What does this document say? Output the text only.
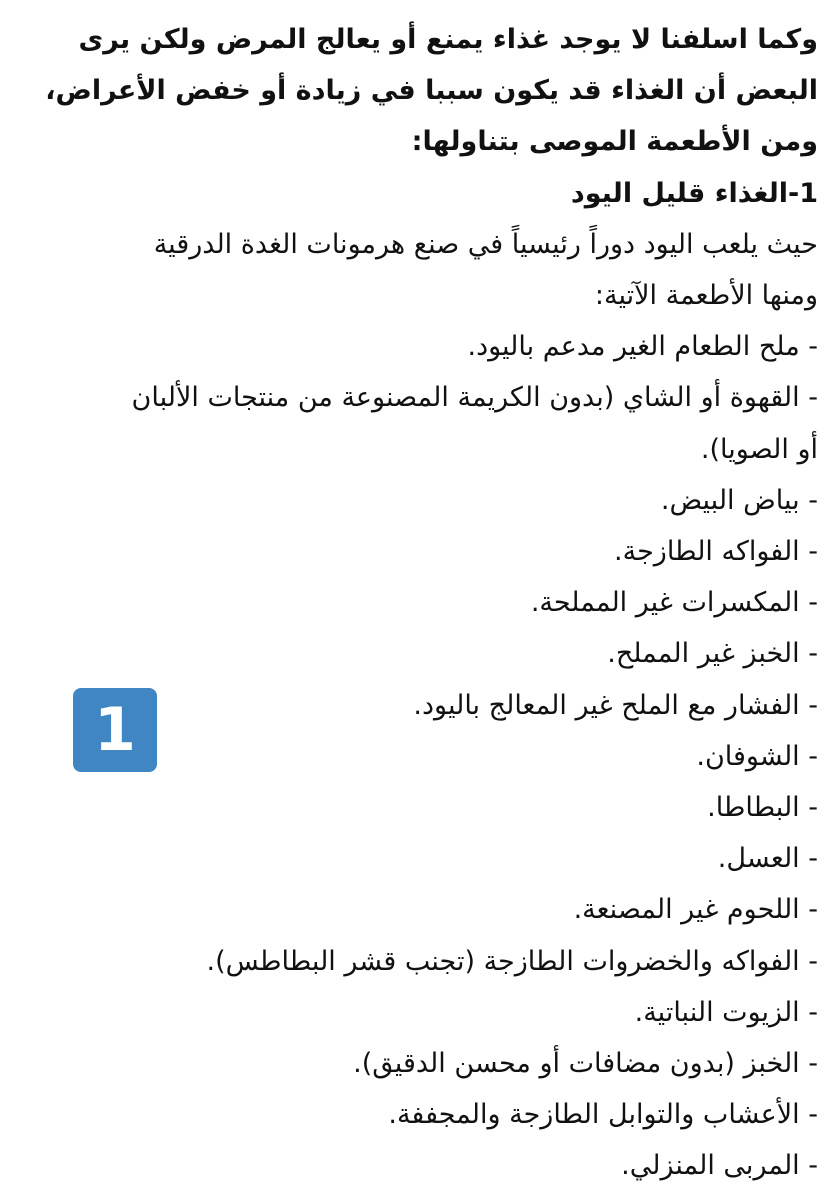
وكما اسلفنا لا يوجد غذاء يمنع أو يعالج المرض ولكن يرى
البعض أن الغذاء قد يكون سببا في زيادة أو خفض الأعراض،
ومن الأطعمة الموصى بتناولها:
1-الغذاء قليل اليود
حيث يلعب اليود دوراً رئيسياً في صنع هرمونات الغدة الدرقية
ومنها الأطعمة الآتية:
- ملح الطعام الغير مدعم باليود.
- القهوة أو الشاي (بدون الكريمة المصنوعة من منتجات الألبان
أو الصويا).
- بياض البيض.
- الفواكه الطازجة.
- المكسرات غير المملحة.
- الخبز غير المملح.
- الفشار مع الملح غير المعالج باليود.
- الشوفان.
- البطاطا.
- العسل.
- اللحوم غير المصنعة.
- الفواكه والخضروات الطازجة (تجنب قشر البطاطس).
- الزيوت النباتية.
- الخبز (بدون مضافات أو محسن الدقيق).
- الأعشاب والتوابل الطازجة والمجففة.
- المربى المنزلي.
1
